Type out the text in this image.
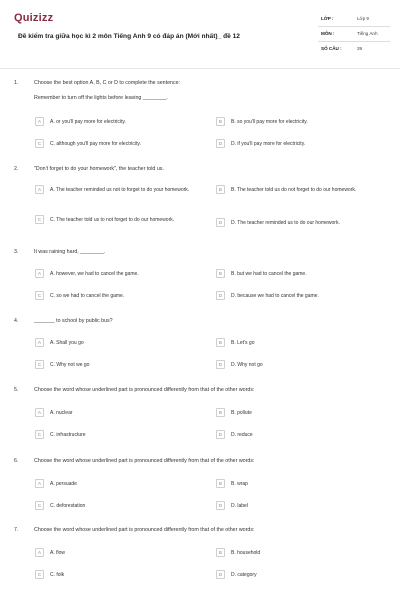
Quizizz
Đề kiểm tra giữa học kì 2 môn Tiếng Anh 9 có đáp án (Mới nhất)_ đề 12
LỚP :	Lớp 9
MÔN :	Tiếng Anh
SỐ CÂU :	39
1.	Choose the best option A, B, C or D to complete the sentence:
Remember to turn off the lights before leaving ________.
A	A. or you'll pay more for electricity.	B	B. so you'll pay more for electricity.
C	C. although you'll pay more for electricity.	D	D. if you'll pay more for electricity.
2.	"Don't forget to do your homework", the teacher told us.
A	A. The teacher reminded us not to forget to do your homework.	B	B. The teacher told us do not forget to do our homework.
C	C. The teacher told us to not forget to do our homework.	D	D. The teacher reminded us to do our homework.
3.	It was raining hard, ________.
A	A. however, we had to cancel the game.	B	B. but we had to cancel the game.
C	C. so we had to cancel the game.	D	D. because we had to cancel the game.
4.	_______ to school by public bus?
A	A. Shall you go	B	B. Let's go
C	C. Why not we go	D	D. Why not go
5.	Choose the word whose underlined part is pronounced differently from that of the other words:
A	A. nuclear	B	B. pollute
C	C. infrastructure	D	D. reduce
6.	Choose the word whose underlined part is pronounced differently from that of the other words:
A	A. persuade	B	B. wrap
C	C. deforestation	D	D. label
7.	Choose the word whose underlined part is pronounced differently from that of the other words:
A	A. flow	B	B. household
C	C. folk	D	D. category
